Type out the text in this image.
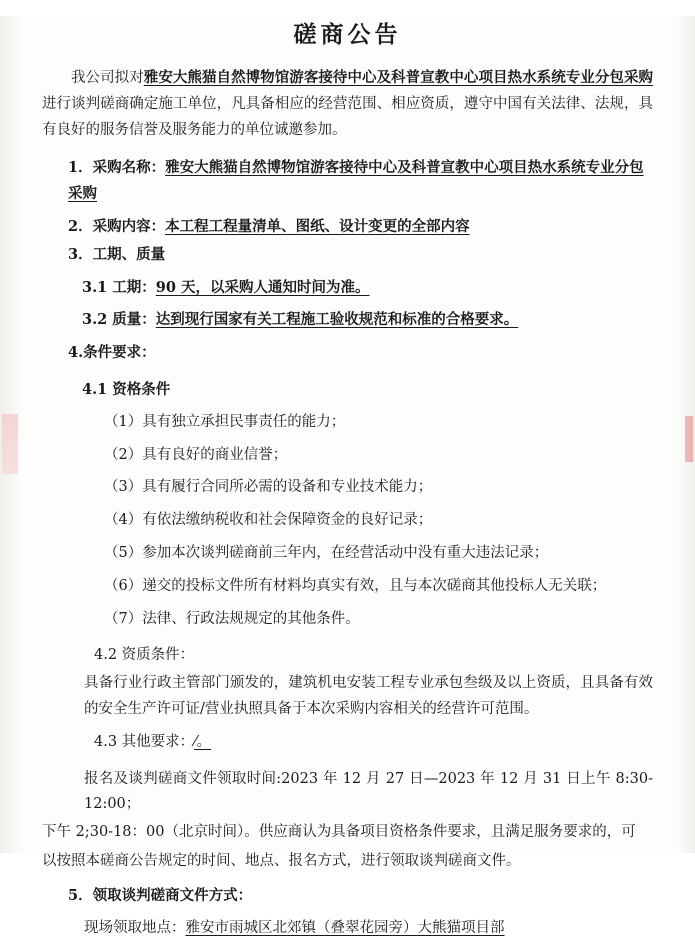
磋商公告

我公司拟对雅安大熊猫自然博物馆游客接待中心及科普宣教中心项目热水系统专业分包采购进行谈判磋商确定施工单位，凡具备相应的经营范围、相应资质，遵守中国有关法律、法规，具有良好的服务信誉及服务能力的单位诚邀参加。

1．采购名称：雅安大熊猫自然博物馆游客接待中心及科普宣教中心项目热水系统专业分包采购

2．采购内容：本工程工程量清单、图纸、设计变更的全部内容

3．工期、质量

3.1 工期：90 天，以采购人通知时间为准。

3.2 质量：达到现行国家有关工程施工验收规范和标准的合格要求。

4.条件要求：

4.1 资格条件

（1）具有独立承担民事责任的能力；

（2）具有良好的商业信誉；

（3）具有履行合同所必需的设备和专业技术能力；

（4）有依法缴纳税收和社会保障资金的良好记录；

（5）参加本次谈判磋商前三年内，在经营活动中没有重大违法记录；

（6）递交的投标文件所有材料均真实有效，且与本次磋商其他投标人无关联；

（7）法律、行政法规规定的其他条件。

4.2 资质条件：

具备行业行政主管部门颁发的，建筑机电安装工程专业承包叁级及以上资质，且具备有效的安全生产许可证/营业执照具备于本次采购内容相关的经营许可范围。

4.3 其他要求：⁄。

报名及谈判磋商文件领取时间:2023 年 12 月 27 日—2023 年 12 月 31 日上午 8:30-12:00；

下午 2;30-18：00（北京时间）。供应商认为具备项目资格条件要求，且满足服务要求的，可

以按照本磋商公告规定的时间、地点、报名方式，进行领取谈判磋商文件。

5．领取谈判磋商文件方式：

现场领取地点：雅安市雨城区北郊镇（叠翠花园旁）大熊猫项目部
